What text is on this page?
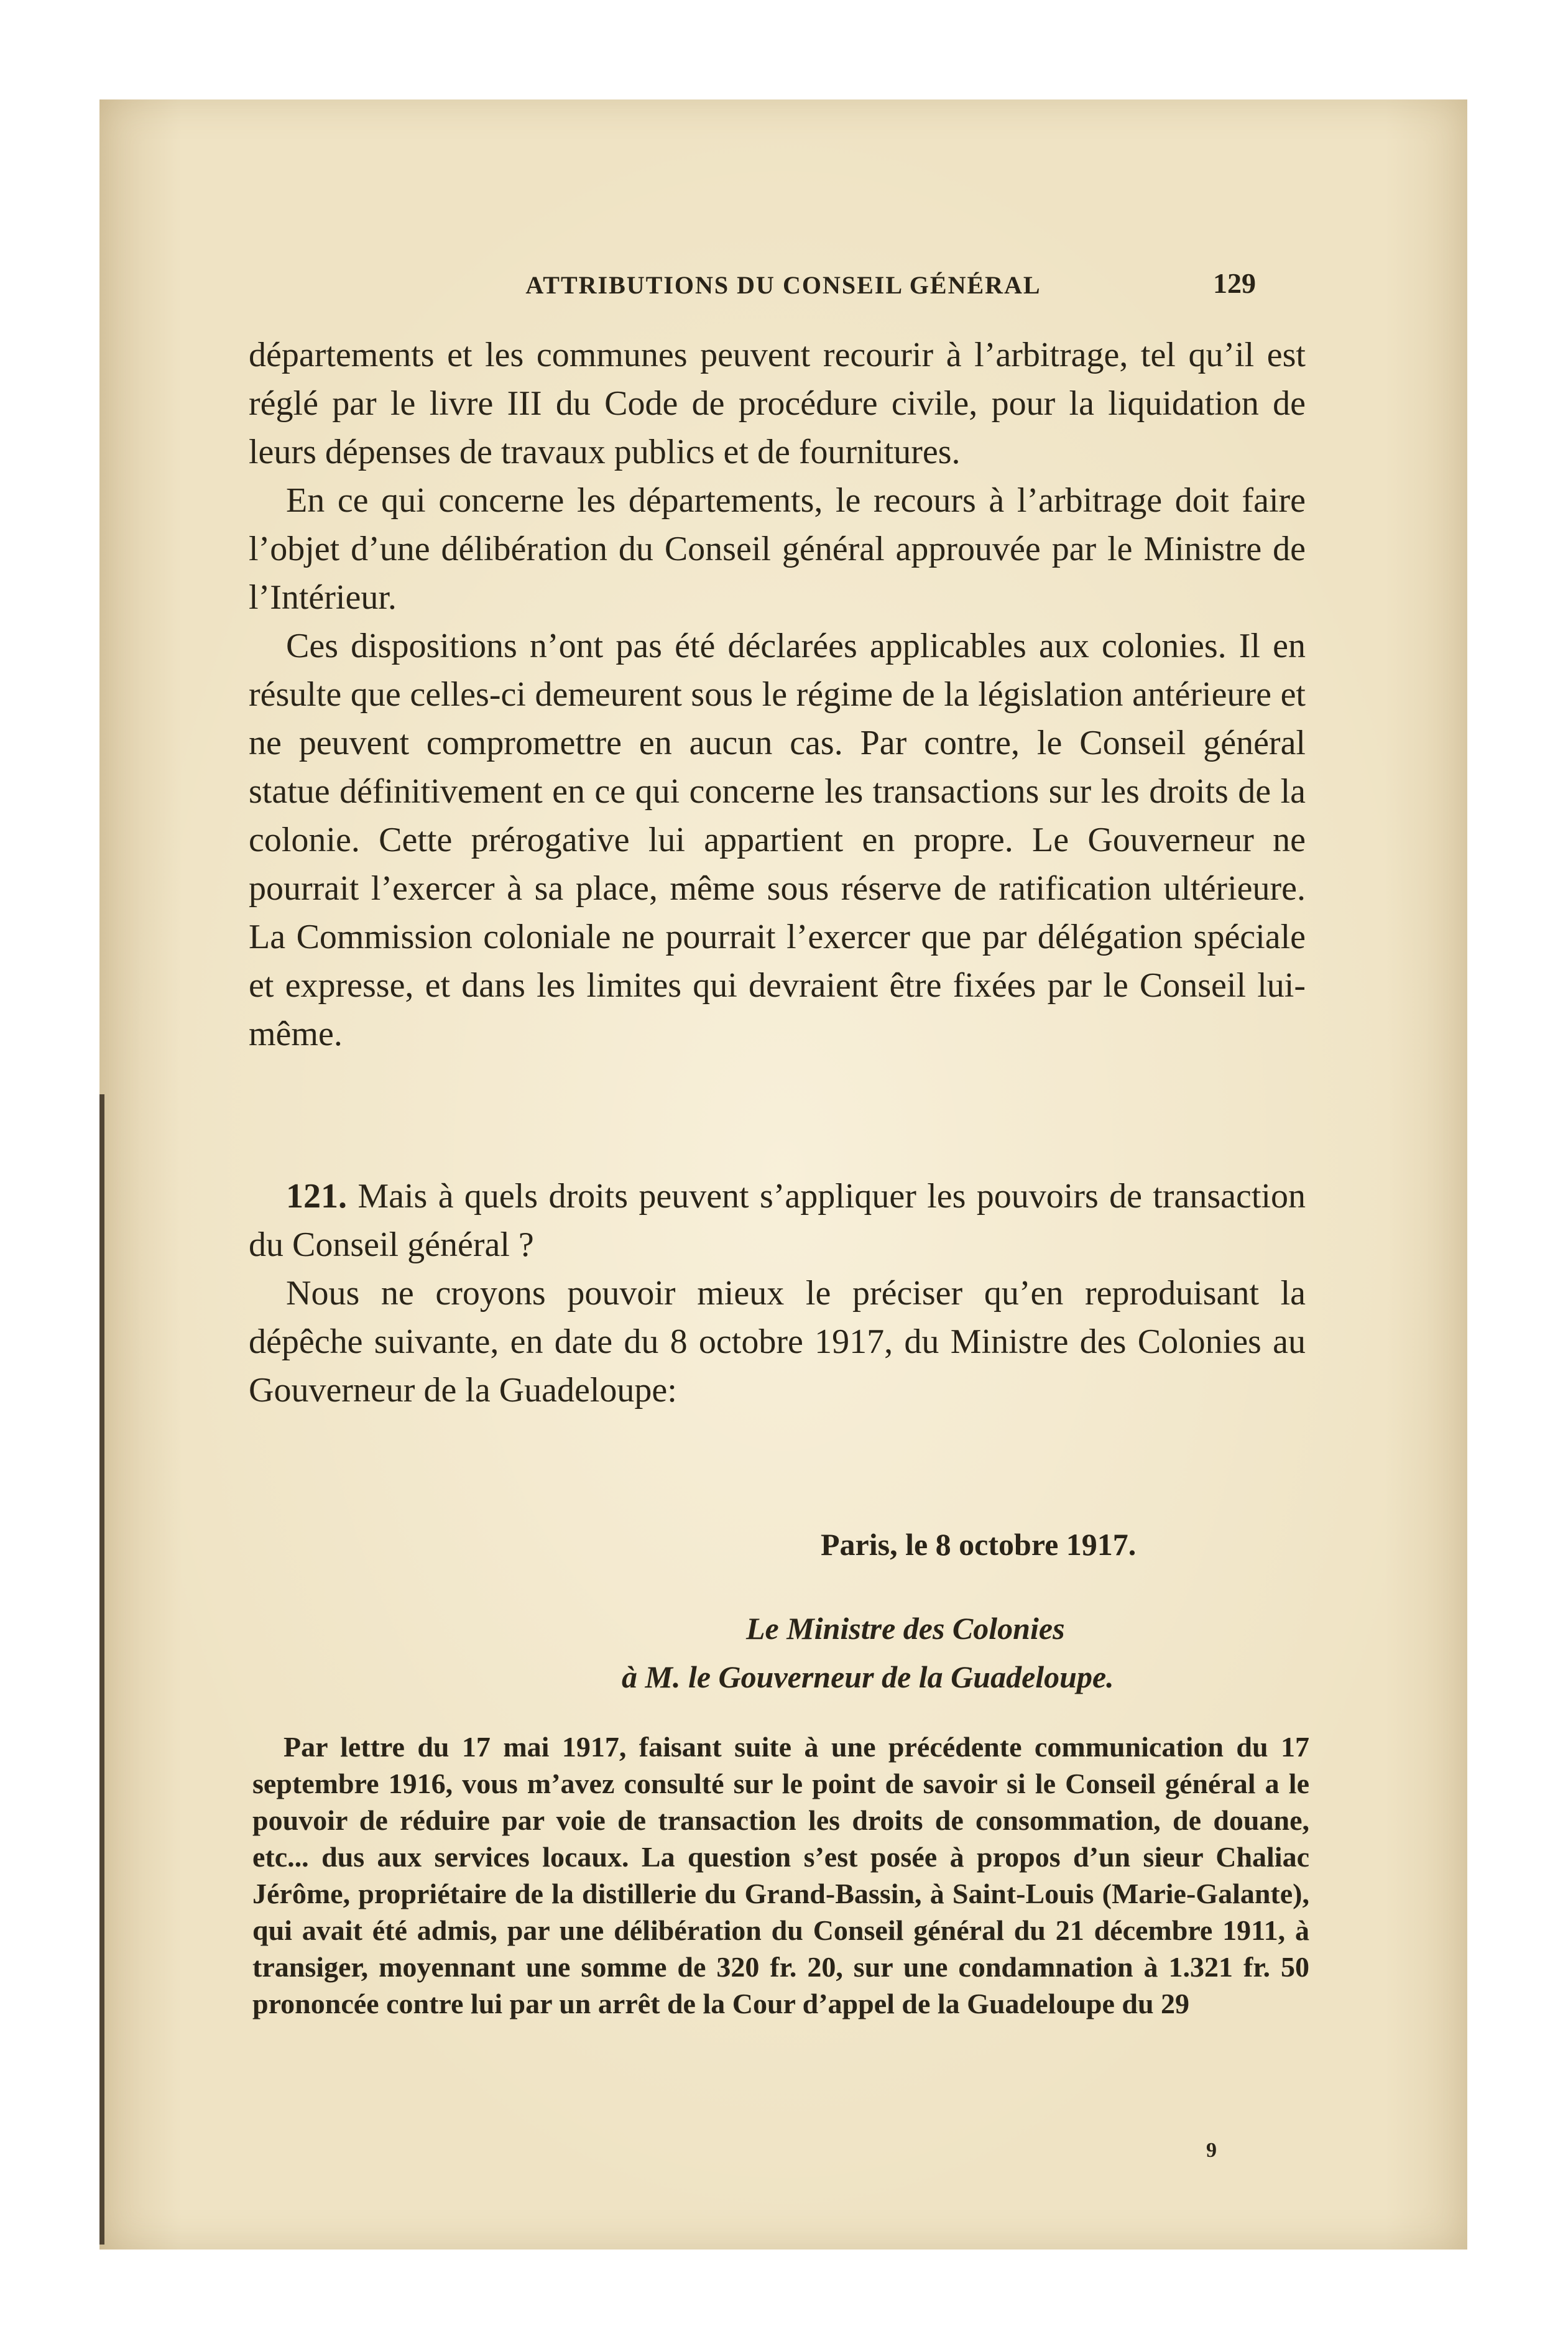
ATTRIBUTIONS DU CONSEIL GÉNÉRAL	129

départements et les communes peuvent recourir à l’arbitrage, tel qu’il est réglé par le livre III du Code de procédure civile, pour la liquidation de leurs dépenses de travaux publics et de fournitures.

En ce qui concerne les départements, le recours à l’arbitrage doit faire l’objet d’une délibération du Conseil général approuvée par le Ministre de l’Intérieur.

Ces dispositions n’ont pas été déclarées applicables aux colonies. Il en résulte que celles-ci demeurent sous le régime de la législation antérieure et ne peuvent compromettre en aucun cas. Par contre, le Conseil général statue définitivement en ce qui concerne les transactions sur les droits de la colonie. Cette prérogative lui appartient en propre. Le Gouverneur ne pourrait l’exercer à sa place, même sous réserve de ratification ultérieure. La Commission coloniale ne pourrait l’exercer que par délégation spéciale et expresse, et dans les limites qui devraient être fixées par le Conseil lui-même.

121. Mais à quels droits peuvent s’appliquer les pouvoirs de transaction du Conseil général ?

Nous ne croyons pouvoir mieux le préciser qu’en reproduisant la dépêche suivante, en date du 8 octobre 1917, du Ministre des Colonies au Gouverneur de la Guadeloupe:

Paris, le 8 octobre 1917.
Le Ministre des Colonies
à M. le Gouverneur de la Guadeloupe.

Par lettre du 17 mai 1917, faisant suite à une précédente communication du 17 septembre 1916, vous m’avez consulté sur le point de savoir si le Conseil général a le pouvoir de réduire par voie de transaction les droits de consommation, de douane, etc... dus aux services locaux. La question s’est posée à propos d’un sieur Chaliac Jérôme, propriétaire de la distillerie du Grand-Bassin, à Saint-Louis (Marie-Galante), qui avait été admis, par une délibération du Conseil général du 21 décembre 1911, à transiger, moyennant une somme de 320 fr. 20, sur une condamnation à 1.321 fr. 50 prononcée contre lui par un arrêt de la Cour d’appel de la Guadeloupe du 29

9
